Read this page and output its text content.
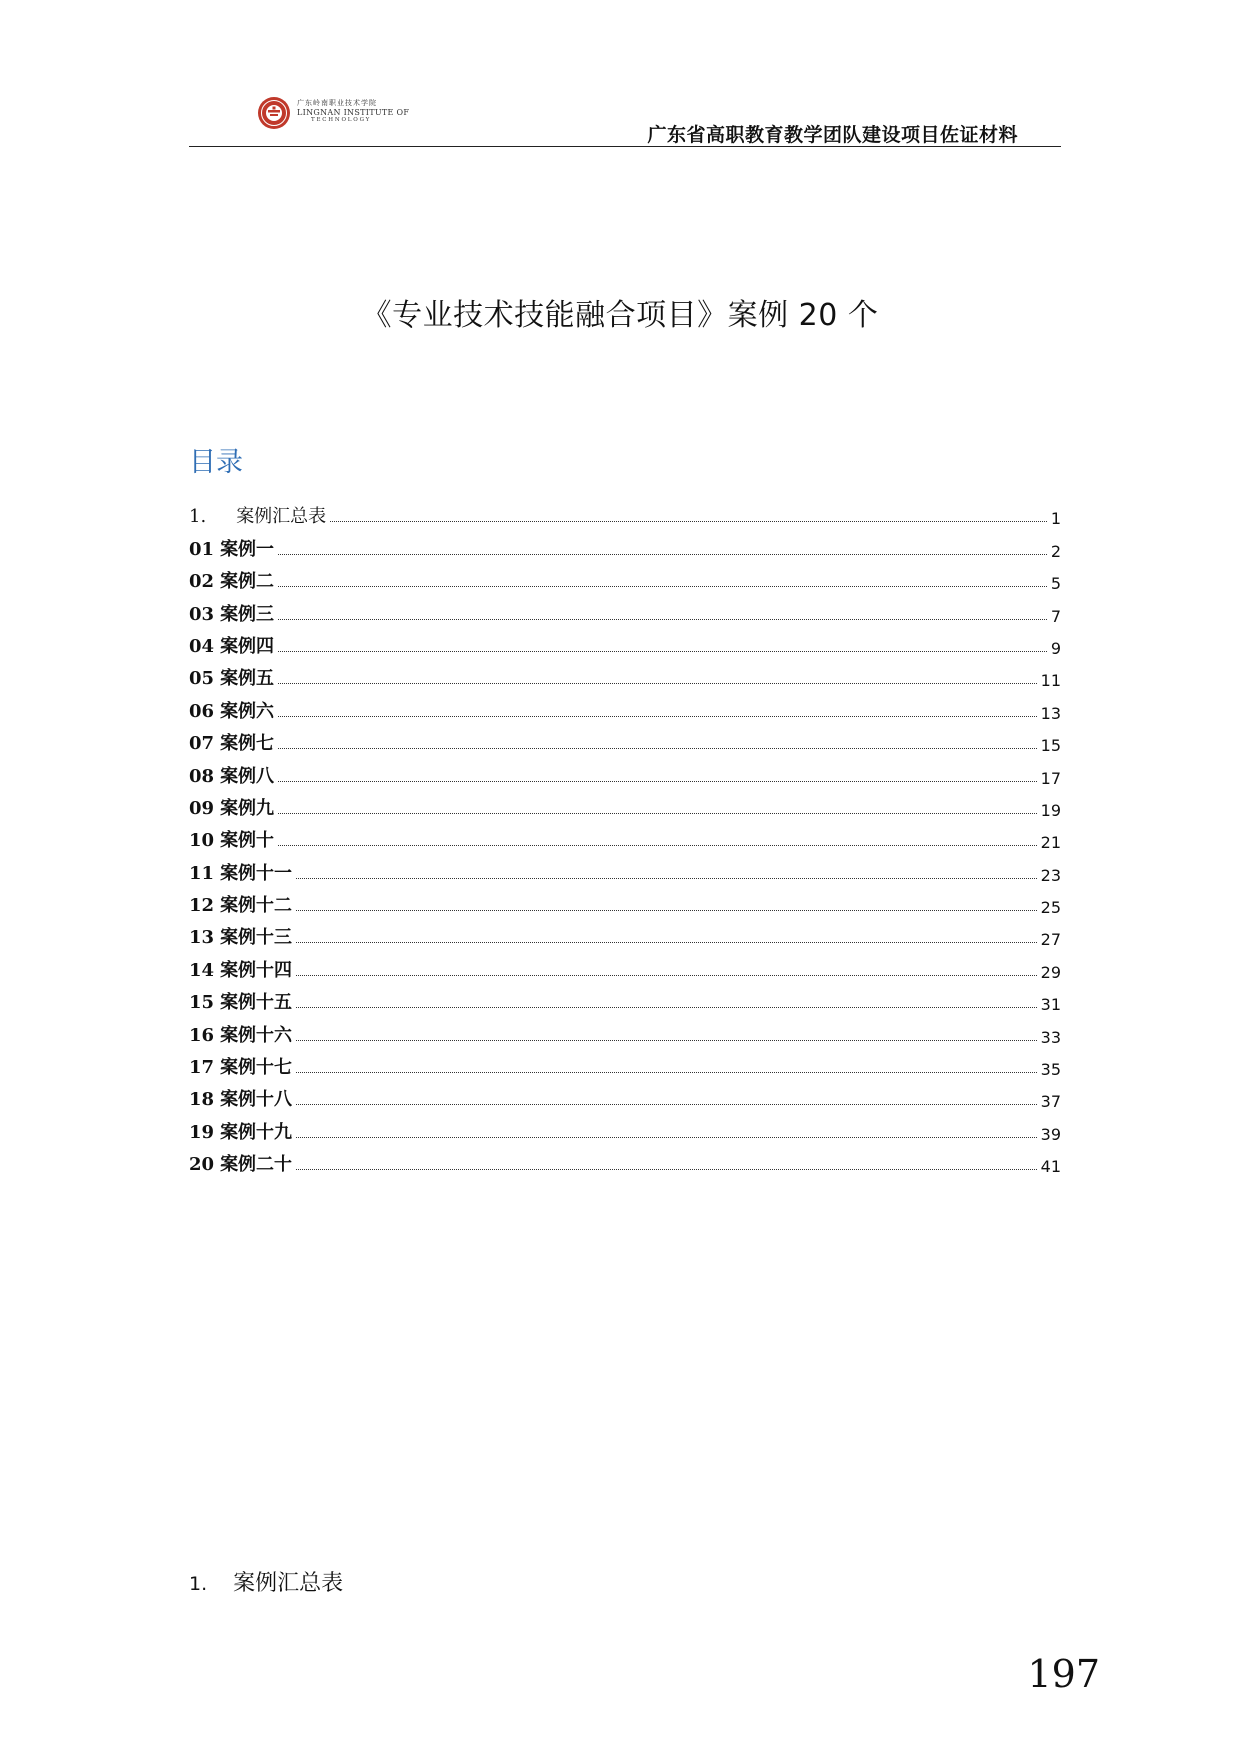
广东岭南职业技术学院
LINGNAN INSTITUTE OF
TECHNOLOGY
广东省高职教育教学团队建设项目佐证材料
《专业技术技能融合项目》案例 20 个
目录
1. 案例汇总表	1
01 案例一	2
02 案例二	5
03 案例三	7
04 案例四	9
05 案例五	11
06 案例六	13
07 案例七	15
08 案例八	17
09 案例九	19
10 案例十	21
11 案例十一	23
12 案例十二	25
13 案例十三	27
14 案例十四	29
15 案例十五	31
16 案例十六	33
17 案例十七	35
18 案例十八	37
19 案例十九	39
20 案例二十	41
1. 案例汇总表
197
